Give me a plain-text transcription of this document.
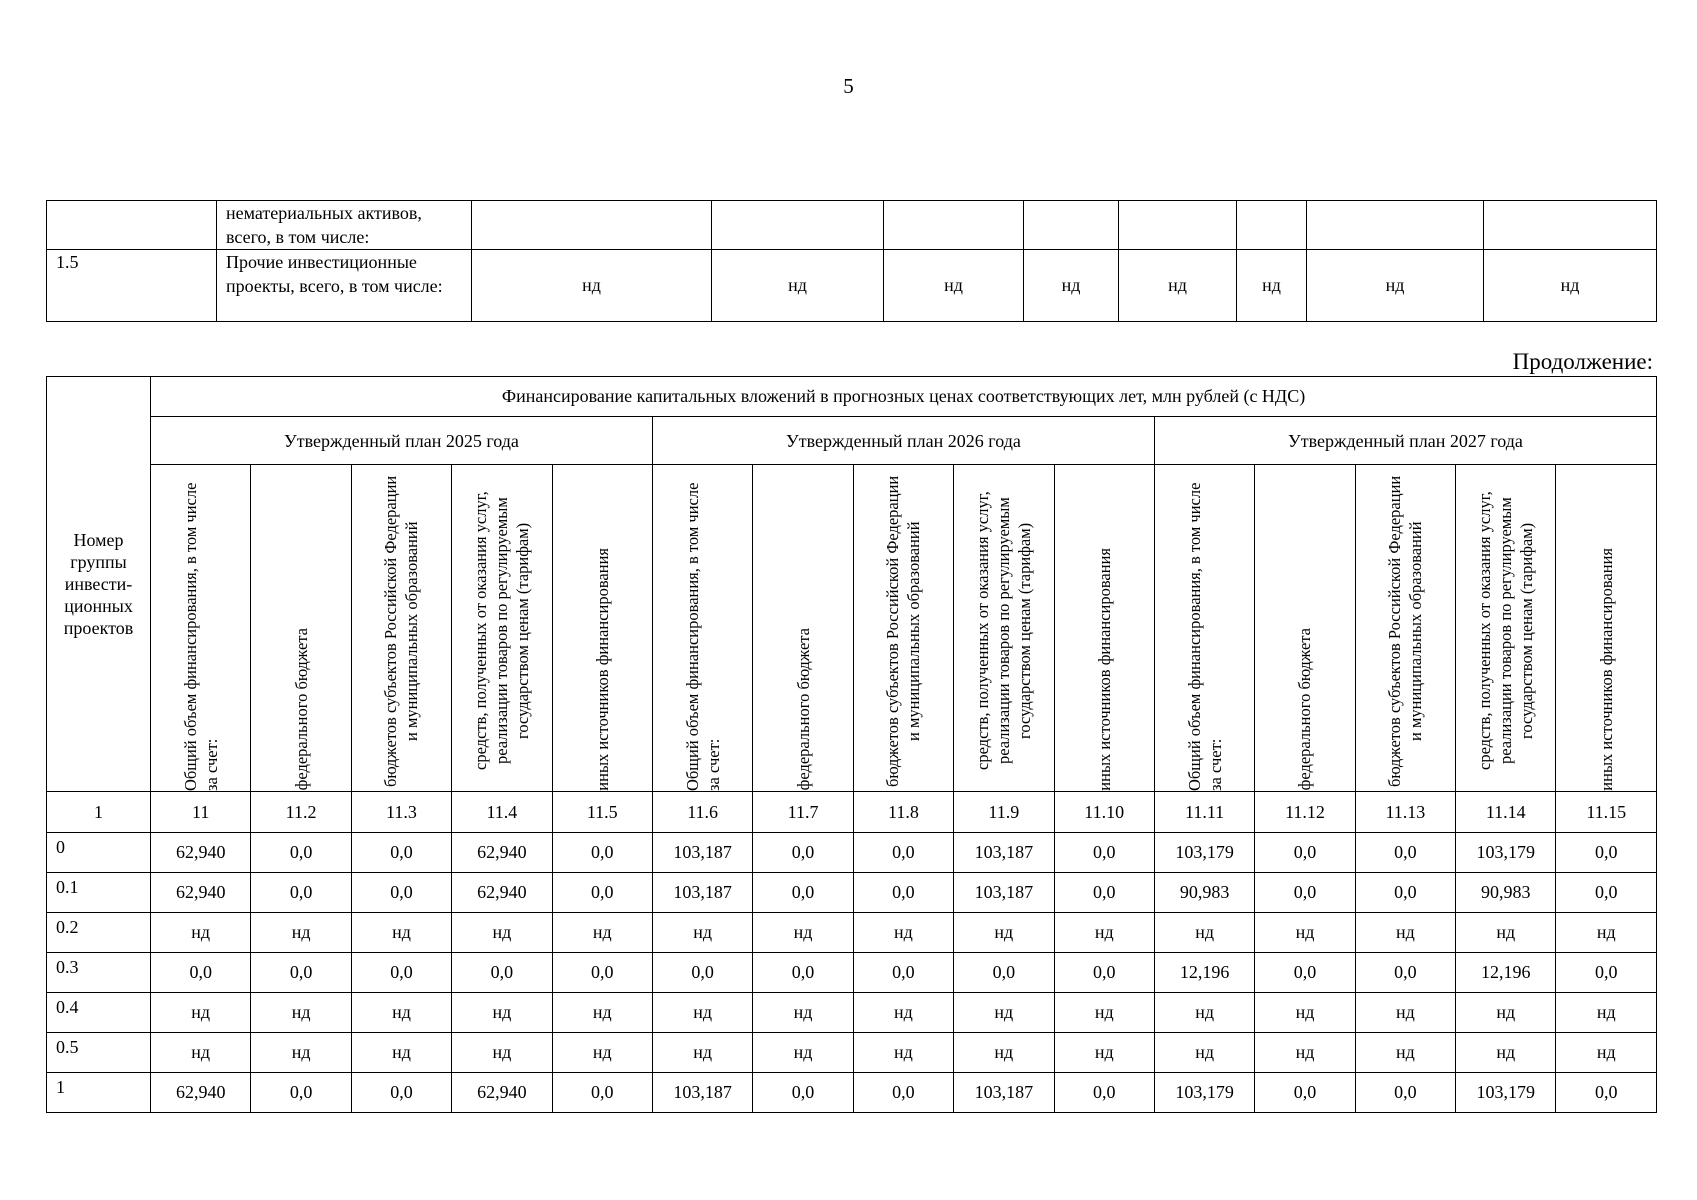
5
	нематериальных активов, всего, в том числе:								
1.5	Прочие инвестиционные проекты, всего, в том числе:	нд	нд	нд	нд	нд	нд	нд	нд
Продолжение:
Номер группы инвести-ционных проектов	Финансирование капитальных вложений в прогнозных ценах соответствующих лет, млн рублей (с НДС)														
	Утвержденный план 2025 года					Утвержденный план 2026 года					Утвержденный план 2027 года				

	Общий объем финансирования, в том числе за счет:	федерального бюджета	бюджетов субъектов Российской Федерации и муниципальных образований	средств, полученных от оказания услуг, реализации товаров по регулируемым государством ценам (тарифам)	иных источников финансирования	Общий объем финансирования, в том числе за счет:	федерального бюджета	бюджетов субъектов Российской Федерации и муниципальных образований	средств, полученных от оказания услуг, реализации товаров по регулируемым государством ценам (тарифам)	иных источников финансирования	Общий объем финансирования, в том числе за счет:	федерального бюджета	бюджетов субъектов Российской Федерации и муниципальных образований	средств, полученных от оказания услуг, реализации товаров по регулируемым государством ценам (тарифам)	иных источников финансирования

1	11	11.2	11.3	11.4	11.5	11.6	11.7	11.8	11.9	11.10	11.11	11.12	11.13	11.14	11.15
0	62,940	0,0	0,0	62,940	0,0	103,187	0,0	0,0	103,187	0,0	103,179	0,0	0,0	103,179	0,0
0.1	62,940	0,0	0,0	62,940	0,0	103,187	0,0	0,0	103,187	0,0	90,983	0,0	0,0	90,983	0,0
0.2	нд	нд	нд	нд	нд	нд	нд	нд	нд	нд	нд	нд	нд	нд	нд
0.3	0,0	0,0	0,0	0,0	0,0	0,0	0,0	0,0	0,0	0,0	12,196	0,0	0,0	12,196	0,0
0.4	нд	нд	нд	нд	нд	нд	нд	нд	нд	нд	нд	нд	нд	нд	нд
0.5	нд	нд	нд	нд	нд	нд	нд	нд	нд	нд	нд	нд	нд	нд	нд
1	62,940	0,0	0,0	62,940	0,0	103,187	0,0	0,0	103,187	0,0	103,179	0,0	0,0	103,179	0,0
